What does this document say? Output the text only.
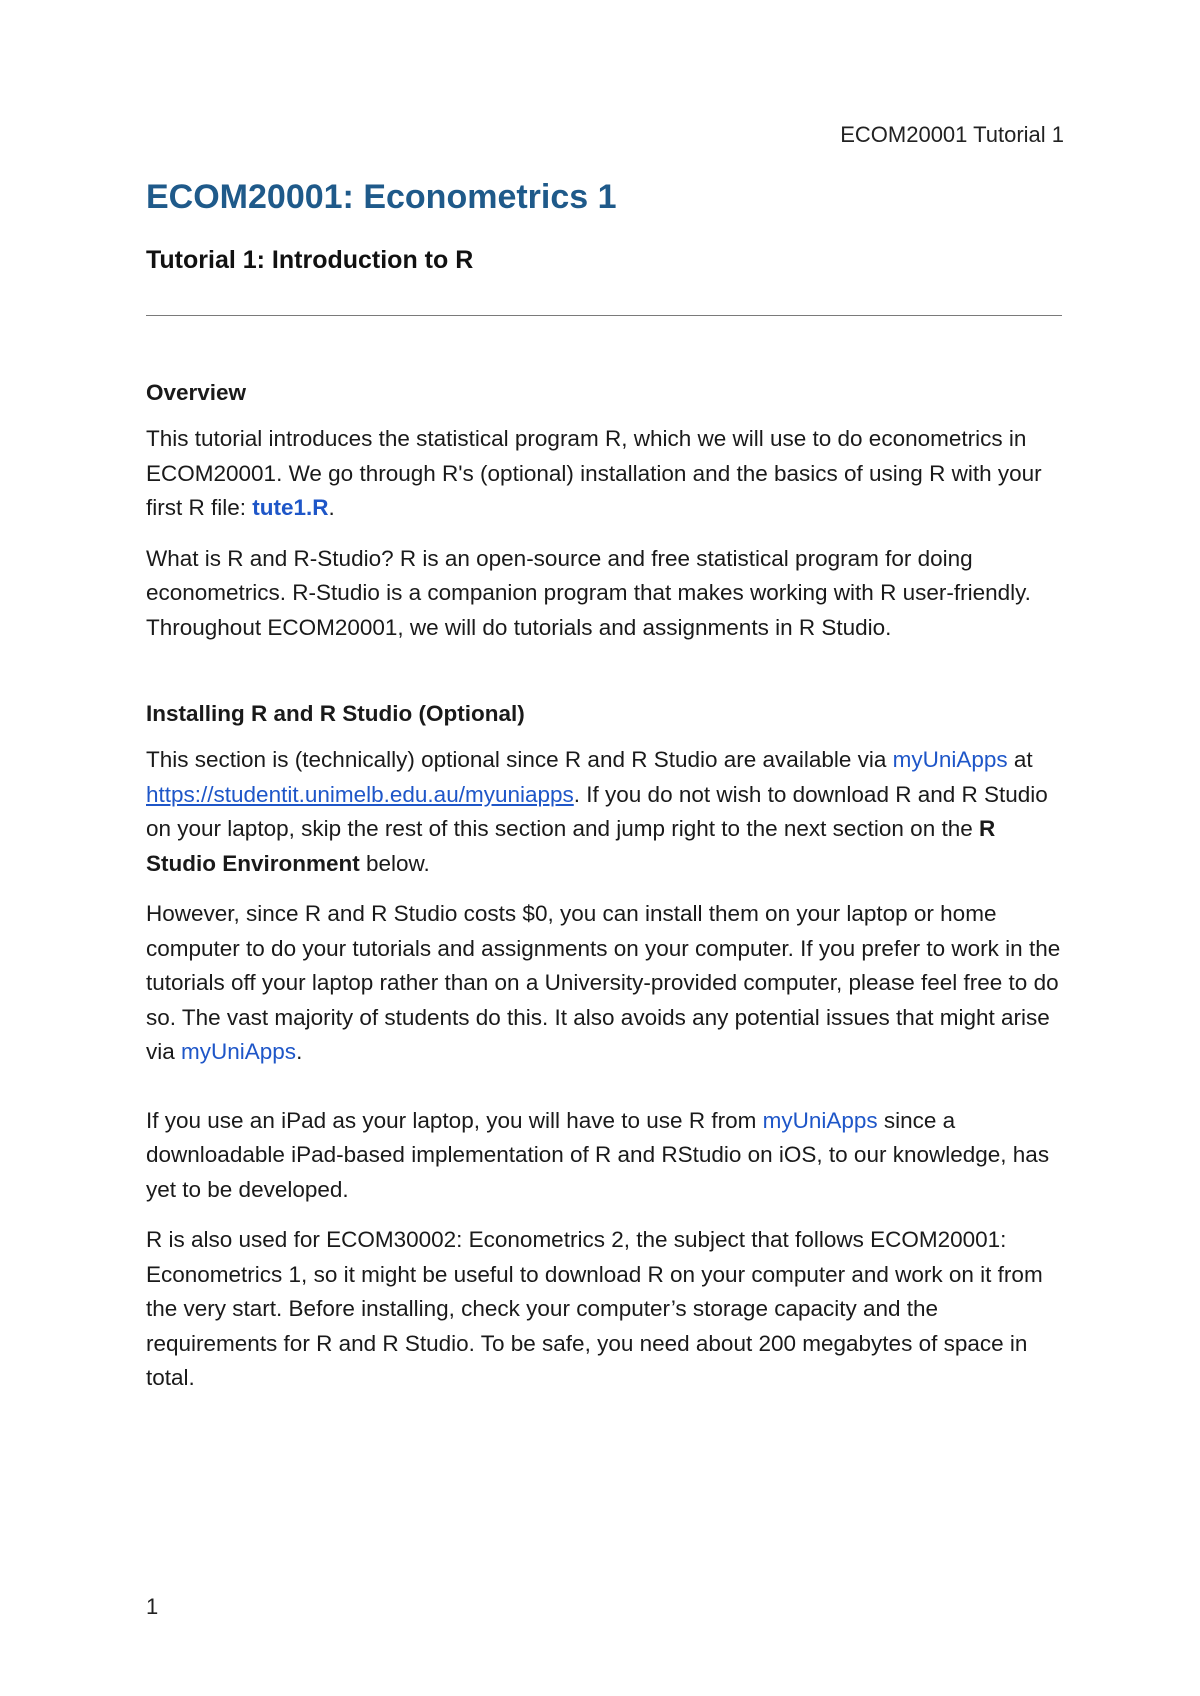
ECOM20001 Tutorial 1
ECOM20001: Econometrics 1
Tutorial 1: Introduction to R
Overview

This tutorial introduces the statistical program R, which we will use to do econometrics in ECOM20001. We go through R's (optional) installation and the basics of using R with your first R file: tute1.R.

What is R and R-Studio? R is an open-source and free statistical program for doing econometrics. R-Studio is a companion program that makes working with R user-friendly. Throughout ECOM20001, we will do tutorials and assignments in R Studio.

Installing R and R Studio (Optional)

This section is (technically) optional since R and R Studio are available via myUniApps at https://studentit.unimelb.edu.au/myuniapps. If you do not wish to download R and R Studio on your laptop, skip the rest of this section and jump right to the next section on the R Studio Environment below.

However, since R and R Studio costs $0, you can install them on your laptop or home computer to do your tutorials and assignments on your computer. If you prefer to work in the tutorials off your laptop rather than on a University-provided computer, please feel free to do so. The vast majority of students do this. It also avoids any potential issues that might arise via myUniApps.

If you use an iPad as your laptop, you will have to use R from myUniApps since a downloadable iPad-based implementation of R and RStudio on iOS, to our knowledge, has yet to be developed.

R is also used for ECOM30002: Econometrics 2, the subject that follows ECOM20001: Econometrics 1, so it might be useful to download R on your computer and work on it from the very start. Before installing, check your computer’s storage capacity and the requirements for R and R Studio. To be safe, you need about 200 megabytes of space in total.

1
